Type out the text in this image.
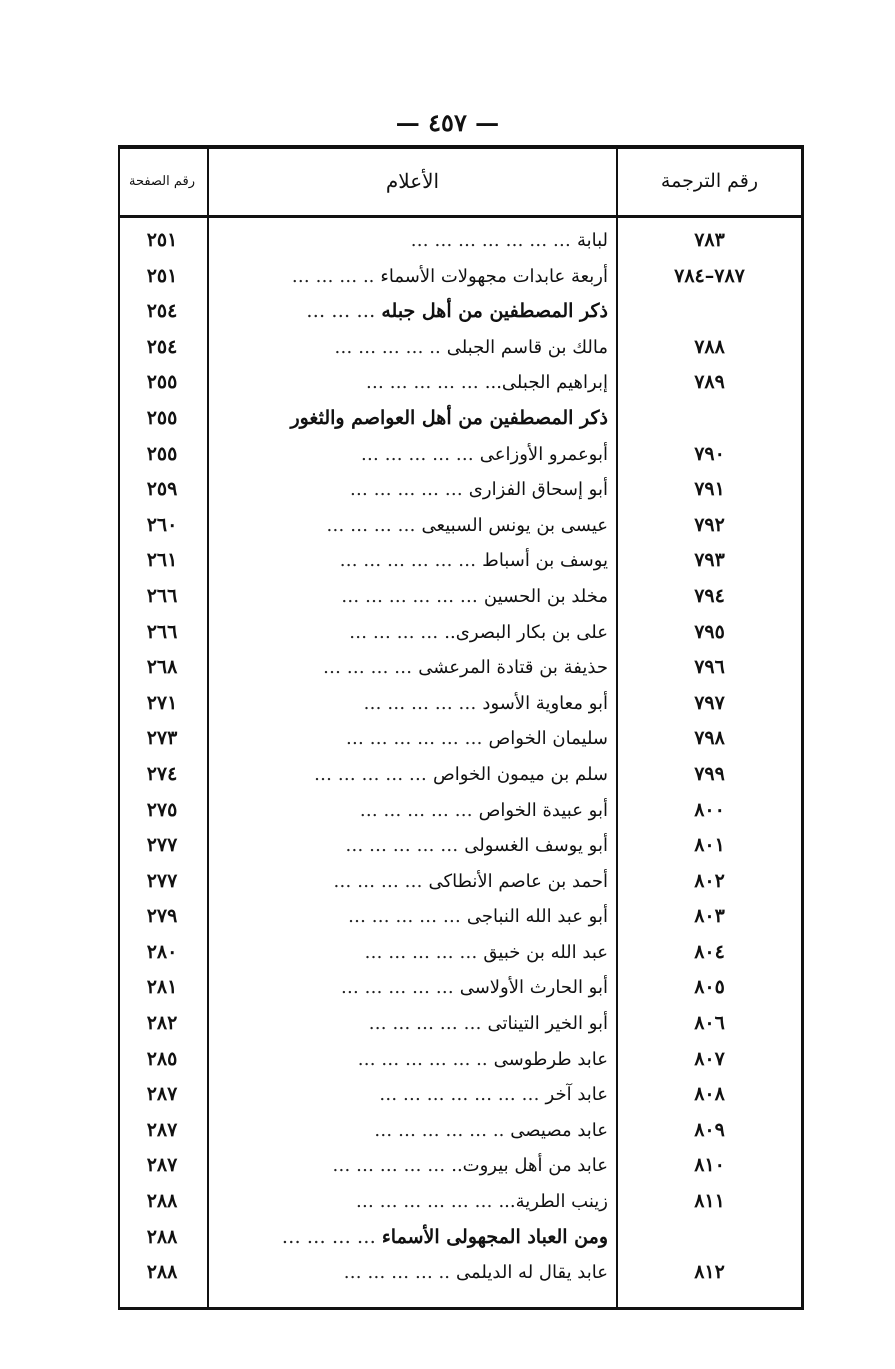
— ٤٥٧ —
رقم الترجمة
الأعلام
رقم الصفحة
٧٨٣
لبابة… … … … … … …
٢٥١
٧٨٧–٧٨٤
أربعة عابدات مجهولات الأسماء.. … … …
٢٥١
ذكر المصطفين من أهل جبله… … …
٢٥٤
٧٨٨
مالك بن قاسم الجبلى.. … … … …
٢٥٤
٧٨٩
إبراهيم الجبلى...… … … … …
٢٥٥
ذكر المصطفين من أهل العواصم والثغور
٢٥٥
٧٩٠
أبوعمرو الأوزاعى… … … … …
٢٥٥
٧٩١
أبو إسحاق الفزارى… … … … …
٢٥٩
٧٩٢
عيسى بن يونس السبيعى… … … …
٢٦٠
٧٩٣
يوسف بن أسباط… … … … … …
٢٦١
٧٩٤
مخلد بن الحسين… … … … … …
٢٦٦
٧٩٥
على بن بكار البصرى..… … … …
٢٦٦
٧٩٦
حذيفة بن قتادة المرعشى… … … …
٢٦٨
٧٩٧
أبو معاوية الأسود… … … … …
٢٧١
٧٩٨
سليمان الخواص… … … … … …
٢٧٣
٧٩٩
سلم بن ميمون الخواص… … … … …
٢٧٤
٨٠٠
أبو عبيدة الخواص… … … … …
٢٧٥
٨٠١
أبو يوسف الغسولى… … … … …
٢٧٧
٨٠٢
أحمد بن عاصم الأنطاكى… … … …
٢٧٧
٨٠٣
أبو عبد الله النباجى… … … … …
٢٧٩
٨٠٤
عبد الله بن خبيق… … … … …
٢٨٠
٨٠٥
أبو الحارث الأولاسى… … … … …
٢٨١
٨٠٦
أبو الخير التيناتى… … … … …
٢٨٢
٨٠٧
عابد طرطوسى.. … … … … …
٢٨٥
٨٠٨
عابد آخر… … … … … … …
٢٨٧
٨٠٩
عابد مصيصى.. … … … … …
٢٨٧
٨١٠
عابد من أهل بيروت..… … … … …
٢٨٧
٨١١
زينب الطرية...… … … … … …
٢٨٨
ومن العباد المجهولى الأسماء… … … …
٢٨٨
٨١٢
عابد يقال له الديلمى.. … … … …
٢٨٨
